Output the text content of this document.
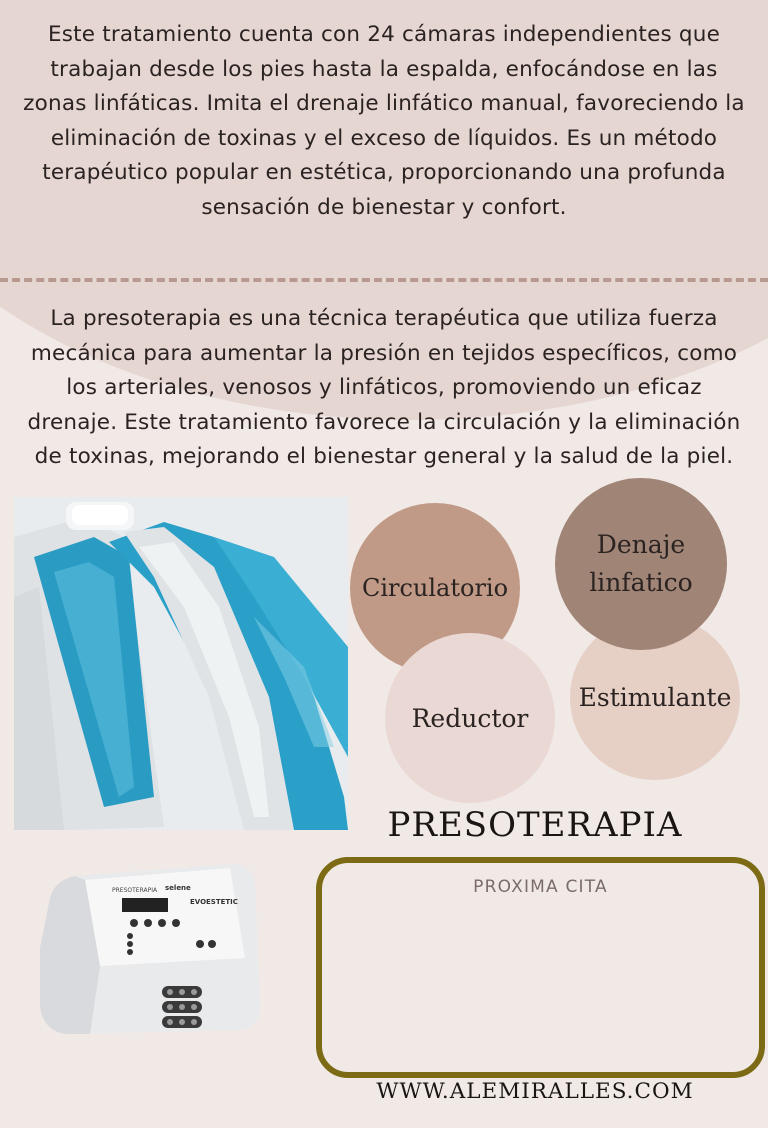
Este tratamiento cuenta con 24 cámaras independientes que trabajan desde los pies hasta la espalda, enfocándose en las zonas linfáticas. Imita el drenaje linfático manual, favoreciendo la eliminación de toxinas y el exceso de líquidos. Es un método terapéutico popular en estética, proporcionando una profunda sensación de bienestar y confort.

La presoterapia es una técnica terapéutica que utiliza fuerza mecánica para aumentar la presión en tejidos específicos, como los arteriales, venosos y linfáticos, promoviendo un eficaz drenaje. Este tratamiento favorece la circulación y la eliminación de toxinas, mejorando el bienestar general y la salud de la piel.

PRESOTERAPIA selene
EVOESTETIC
Circulatorio
Denaje
linfatico
Estimulante
Reductor
PRESOTERAPIA
PROXIMA CITA
WWW.ALEMIRALLES.COM
